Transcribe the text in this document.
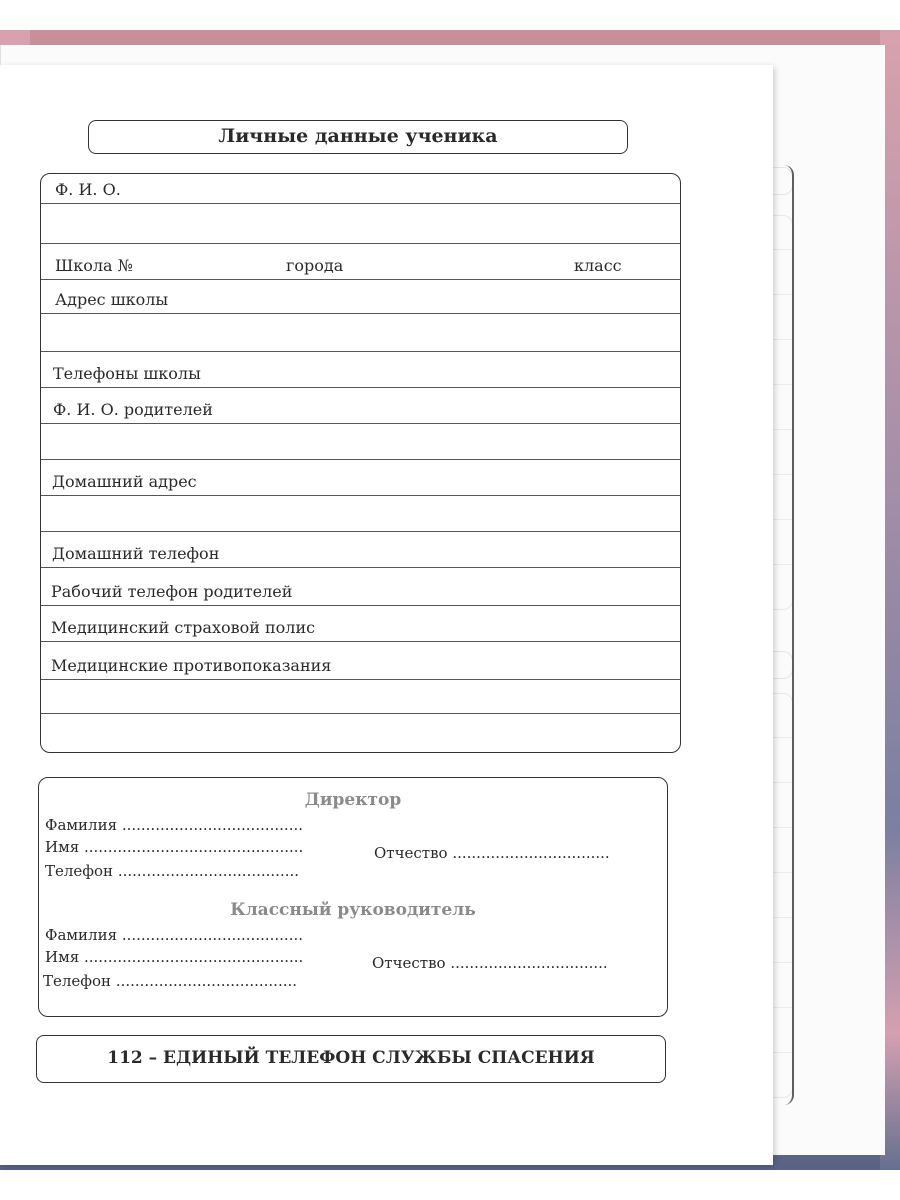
Личные данные ученика
Ф. И. О.
Школа №	города	класс
Адрес школы
Телефоны школы
Ф. И. О. родителей
Домашний адрес
Домашний телефон
Рабочий телефон родителей
Медицинский страховой полис
Медицинские противопоказания
Директор
Фамилия ......................................
Имя ..............................................	Отчество .................................
Телефон ......................................
Классный руководитель
Фамилия ......................................
Имя ..............................................	Отчество .................................
Телефон ......................................
112 – ЕДИНЫЙ ТЕЛЕФОН СЛУЖБЫ СПАСЕНИЯ
